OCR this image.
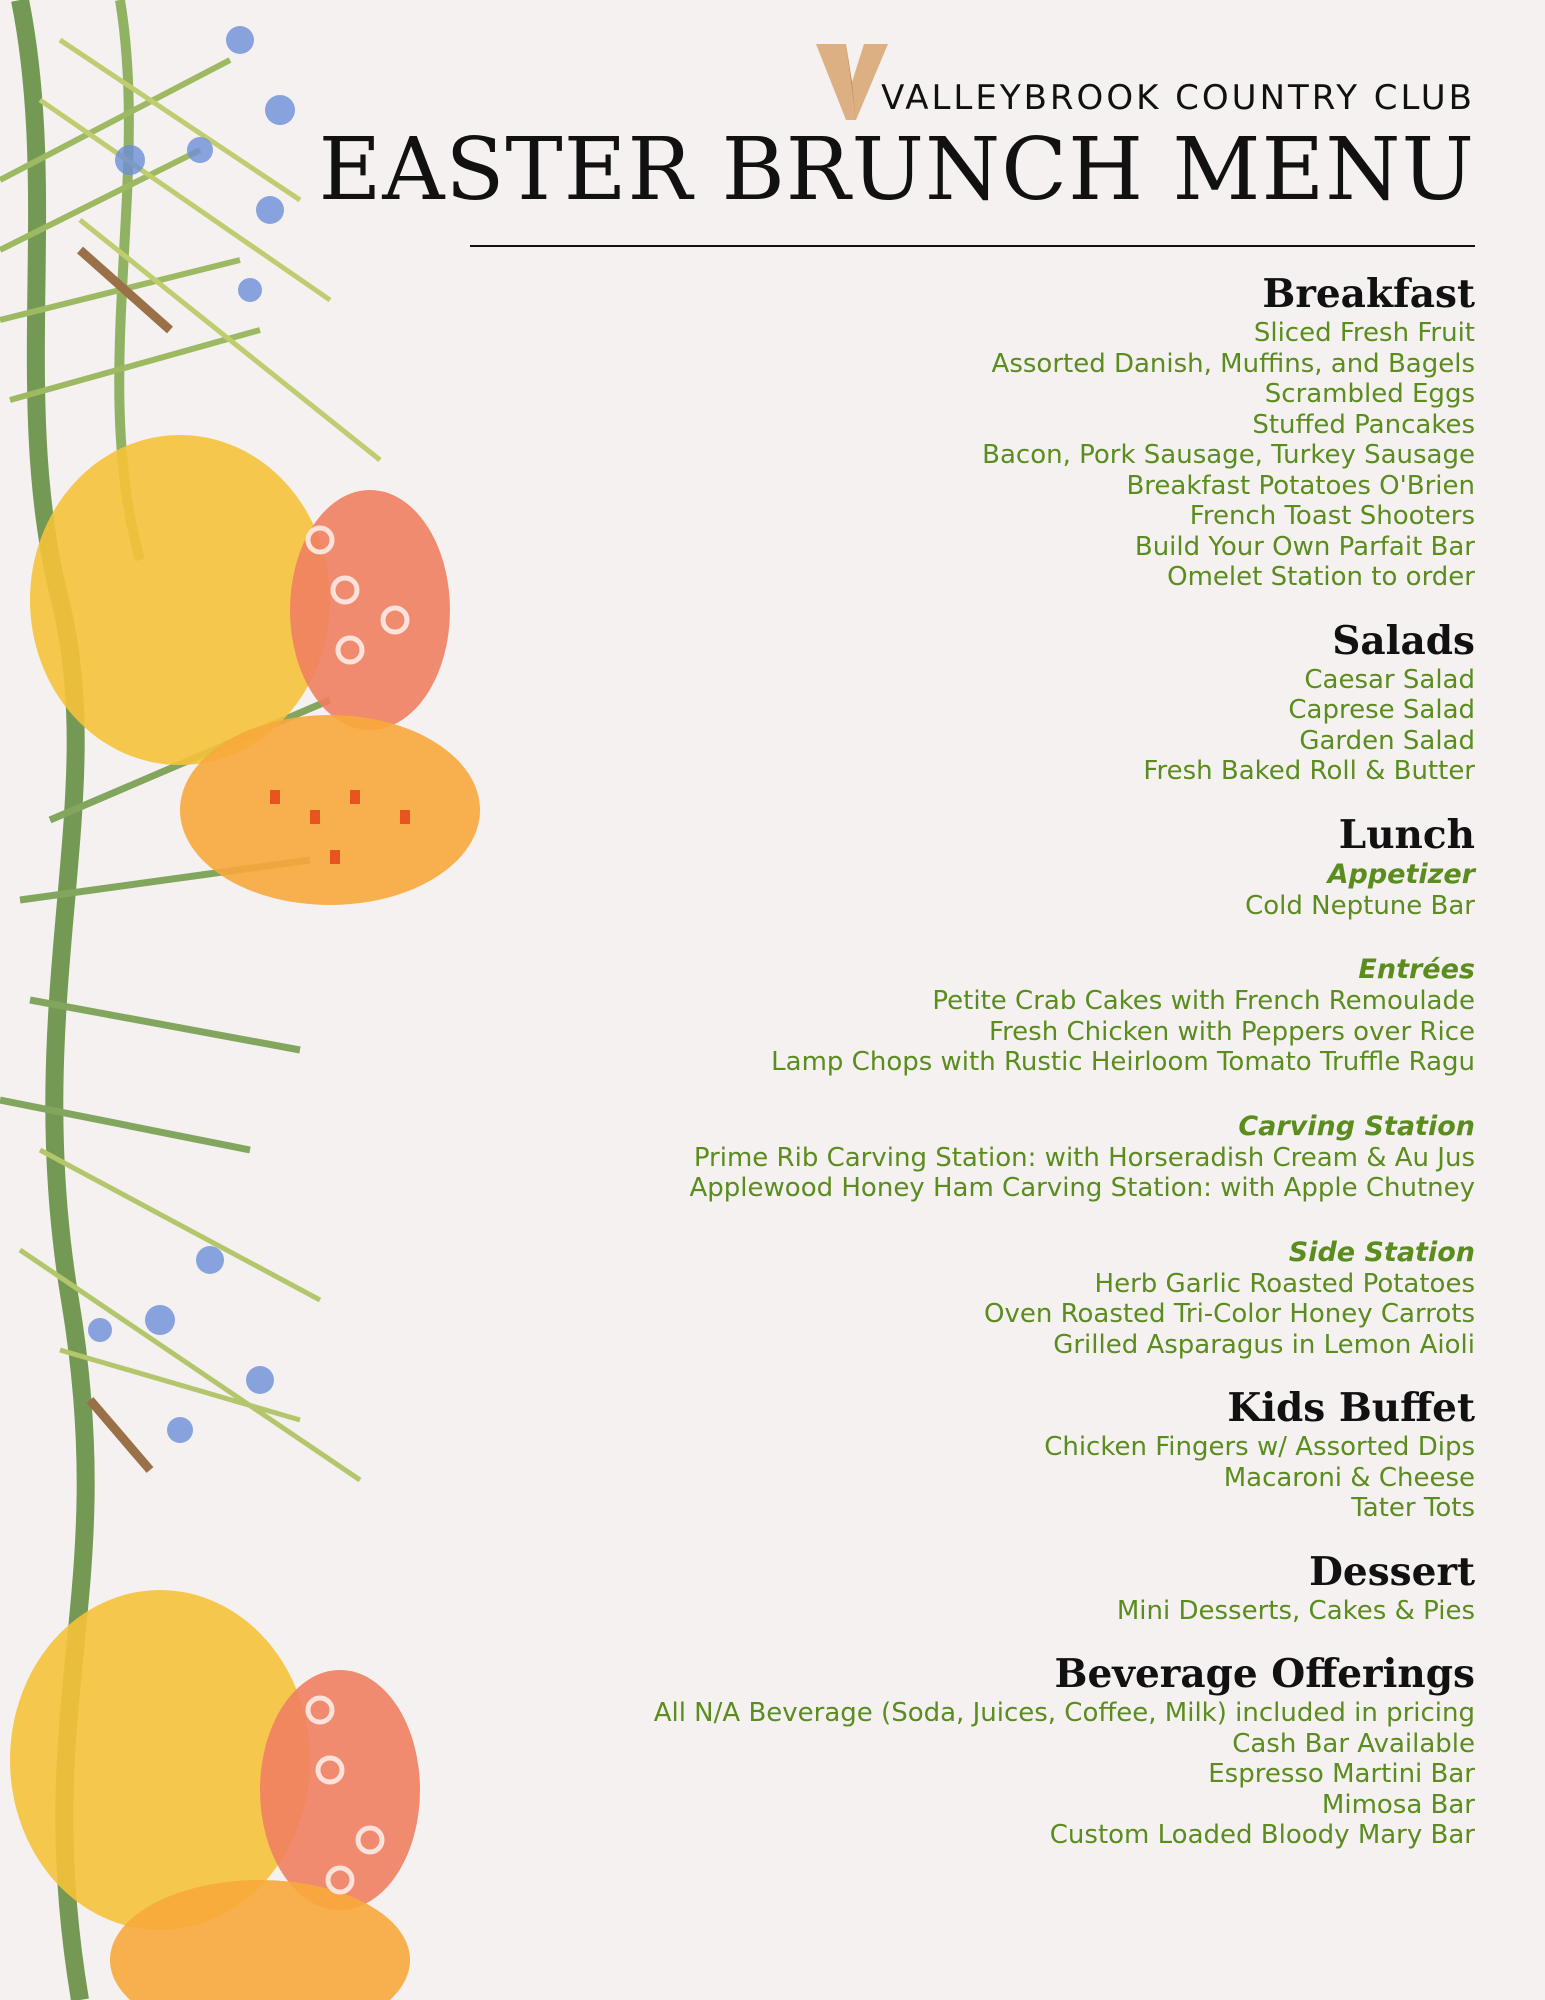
VALLEYBROOK COUNTRY CLUB
EASTER BRUNCH MENU
Breakfast
Sliced Fresh Fruit
Assorted Danish, Muffins, and Bagels
Scrambled Eggs
Stuffed Pancakes
Bacon, Pork Sausage, Turkey Sausage
Breakfast Potatoes O'Brien
French Toast Shooters
Build Your Own Parfait Bar
Omelet Station to order
Salads
Caesar Salad
Caprese Salad
Garden Salad
Fresh Baked Roll & Butter
Lunch
Appetizer
Cold Neptune Bar
Entrées
Petite Crab Cakes with French Remoulade
Fresh Chicken with Peppers over Rice
Lamp Chops with Rustic Heirloom Tomato Truffle Ragu
Carving Station
Prime Rib Carving Station: with Horseradish Cream & Au Jus
Applewood Honey Ham Carving Station: with Apple Chutney
Side Station
Herb Garlic Roasted Potatoes
Oven Roasted Tri-Color Honey Carrots
Grilled Asparagus in Lemon Aioli
Kids Buffet
Chicken Fingers w/ Assorted Dips
Macaroni & Cheese
Tater Tots
Dessert
Mini Desserts, Cakes & Pies
Beverage Offerings
All N/A Beverage (Soda, Juices, Coffee, Milk) included in pricing
Cash Bar Available
Espresso Martini Bar
Mimosa Bar
Custom Loaded Bloody Mary Bar
